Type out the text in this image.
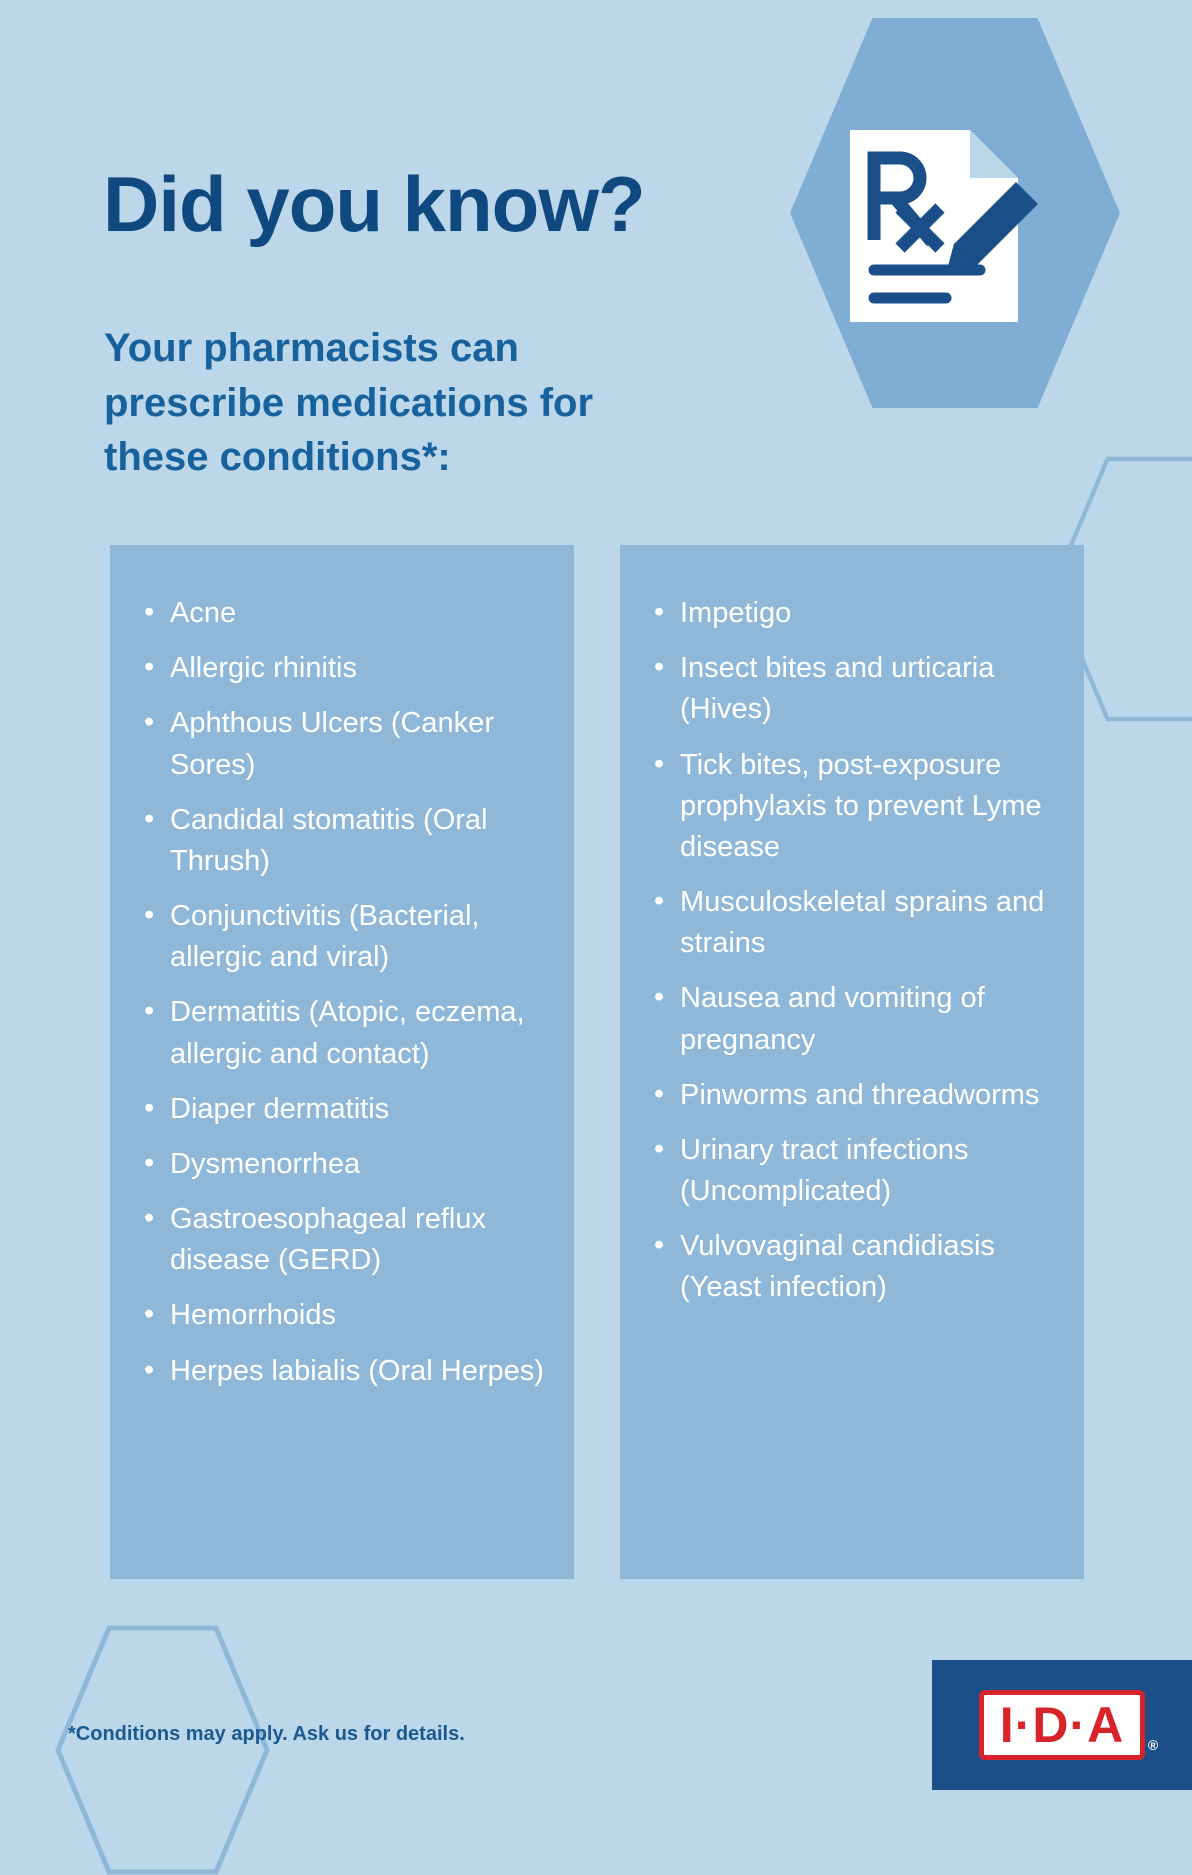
Did you know?
Your pharmacists can prescribe medications for these conditions*:
• Acne
• Allergic rhinitis
• Aphthous Ulcers (Canker Sores)
• Candidal stomatitis (Oral Thrush)
• Conjunctivitis (Bacterial, allergic and viral)
• Dermatitis (Atopic, eczema, allergic and contact)
• Diaper dermatitis
• Dysmenorrhea
• Gastroesophageal reflux disease (GERD)
• Hemorrhoids
• Herpes labialis (Oral Herpes)
• Impetigo
• Insect bites and urticaria (Hives)
• Tick bites, post-exposure prophylaxis to prevent Lyme disease
• Musculoskeletal sprains and strains
• Nausea and vomiting of pregnancy
• Pinworms and threadworms
• Urinary tract infections (Uncomplicated)
• Vulvovaginal candidiasis (Yeast infection)
*Conditions may apply. Ask us for details.	I·D·A ®
